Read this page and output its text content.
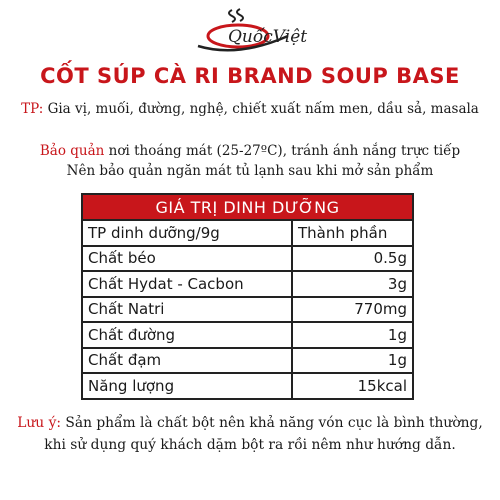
QuốcViệt
CỐT SÚP CÀ RI BRAND SOUP BASE
TP: Gia vị, muối, đường, nghệ, chiết xuất nấm men, dầu sả, masala
Bảo quản nơi thoáng mát (25-27ºC), tránh ánh nắng trực tiếp
Nên bảo quản ngăn mát tủ lạnh sau khi mở sản phẩm
GIÁ TRỊ DINH DƯỠNG	
TP dinh dưỡng/9g	Thành phần
Chất béo	0.5g
Chất Hydat - Cacbon	3g
Chất Natri	770mg
Chất đường	1g
Chất đạm	1g
Năng lượng	15kcal
Lưu ý: Sản phẩm là chất bột nên khả năng vón cục là bình thường, khi sử dụng quý khách dặm bột ra rồi nêm như hướng dẫn.
